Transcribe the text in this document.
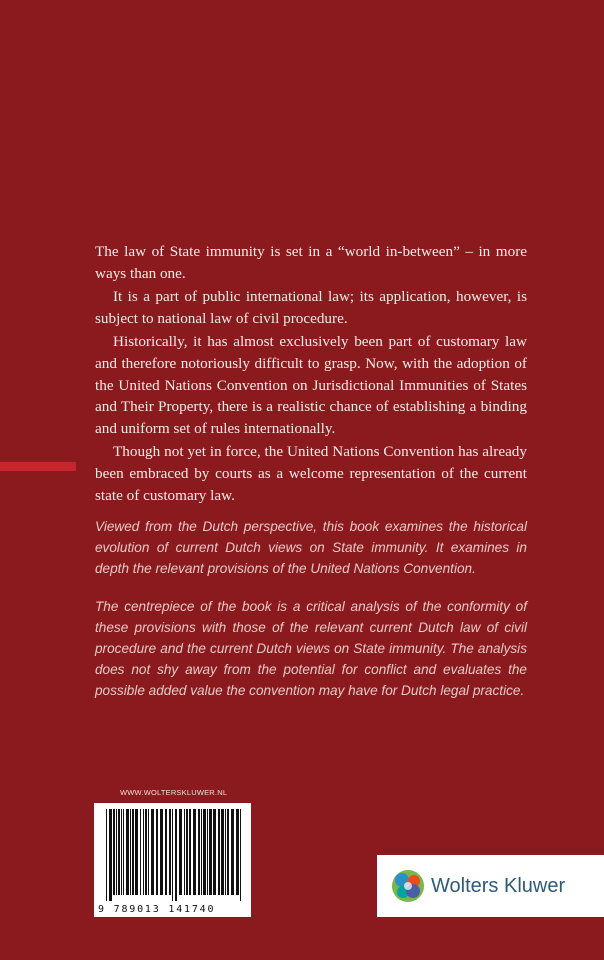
The law of State immunity is set in a “world in-between” – in more ways than one.

It is a part of public international law; its application, however, is subject to national law of civil procedure.

Historically, it has almost exclusively been part of customary law and therefore notoriously difficult to grasp. Now, with the adoption of the United Nations Convention on Jurisdictional Immunities of States and Their Property, there is a realistic chance of establishing a binding and uniform set of rules internationally.

Though not yet in force, the United Nations Convention has already been embraced by courts as a welcome representation of the current state of customary law.

Viewed from the Dutch perspective, this book examines the historical evolution of current Dutch views on State immunity. It examines in depth the relevant provisions of the United Nations Convention.

The centrepiece of the book is a critical analysis of the conformity of these provisions with those of the relevant current Dutch law of civil procedure and the current Dutch views on State immunity. The analysis does not shy away from the potential for conflict and evaluates the possible added value the convention may have for Dutch legal practice.

WWW.WOLTERSKLUWER.NL
9 789013 141740
Wolters Kluwer
